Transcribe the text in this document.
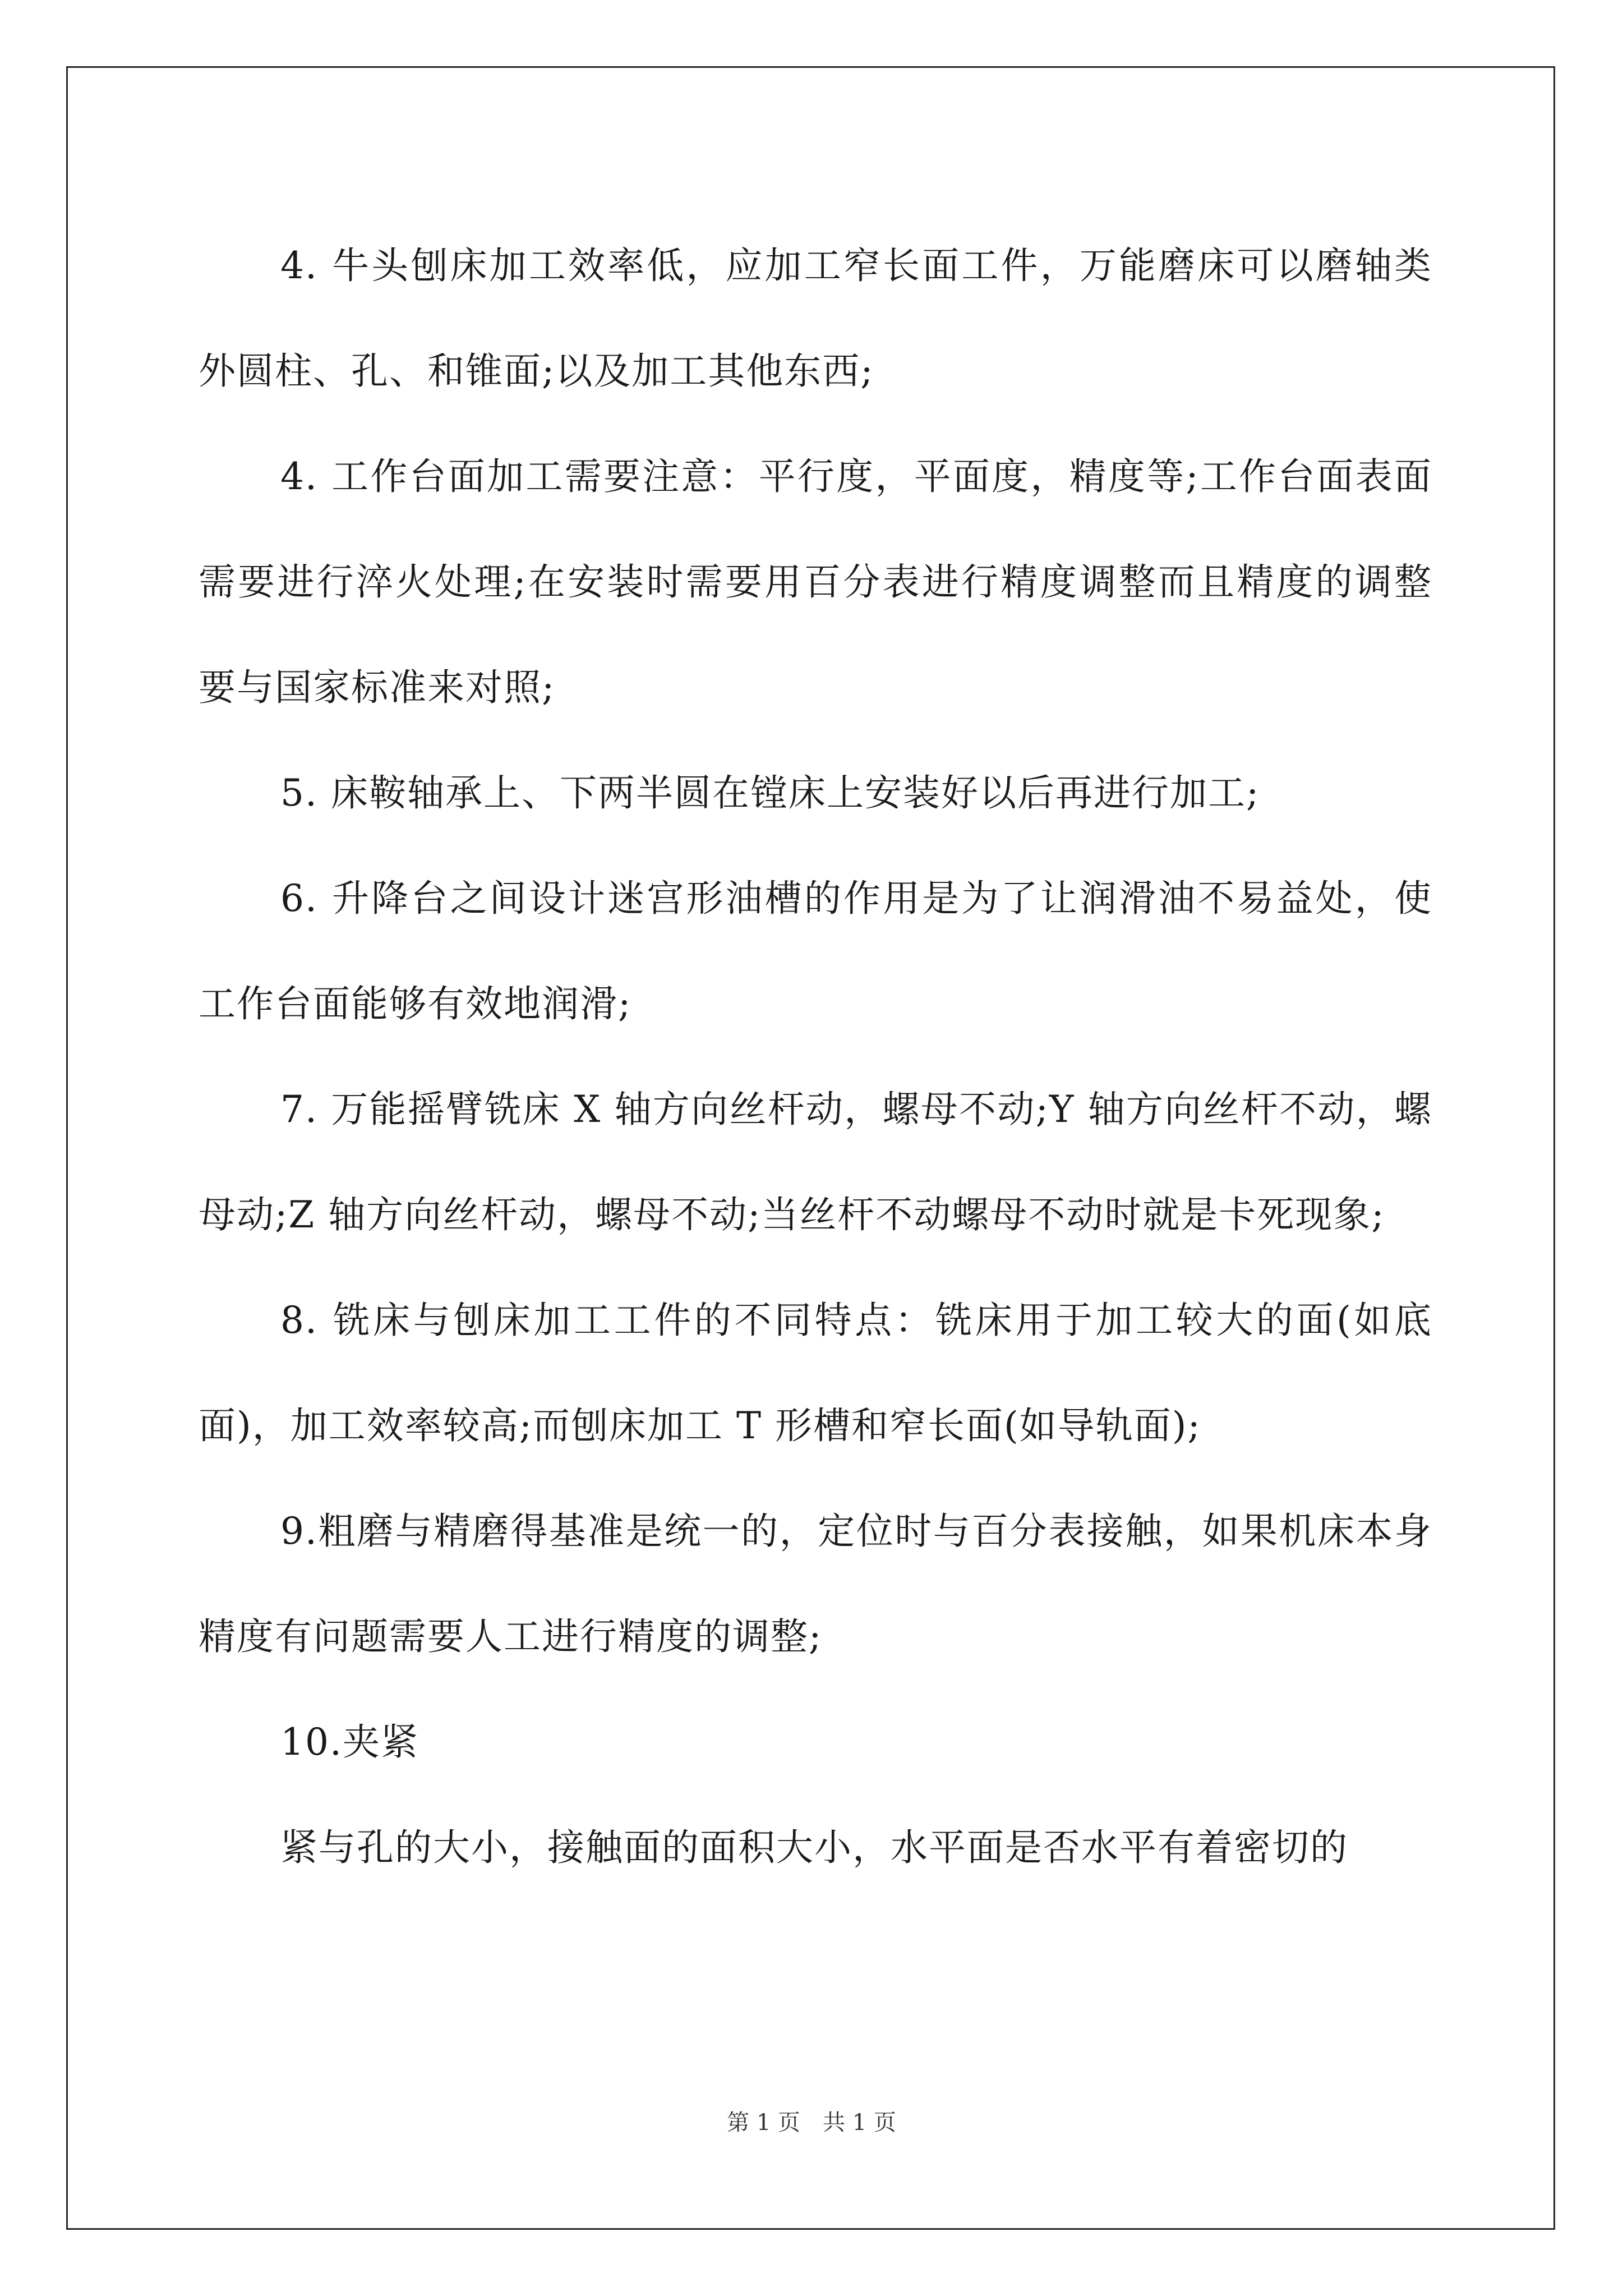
4. 牛头刨床加工效率低，应加工窄长面工件，万能磨床可以磨轴类外圆柱、孔、和锥面;以及加工其他东西;

4. 工作台面加工需要注意：平行度，平面度，精度等;工作台面表面需要进行淬火处理;在安装时需要用百分表进行精度调整而且精度的调整要与国家标准来对照;

5. 床鞍轴承上、下两半圆在镗床上安装好以后再进行加工;

6. 升降台之间设计迷宫形油槽的作用是为了让润滑油不易益处，使工作台面能够有效地润滑;

7. 万能摇臂铣床 X 轴方向丝杆动，螺母不动;Y 轴方向丝杆不动，螺母动;Z 轴方向丝杆动，螺母不动;当丝杆不动螺母不动时就是卡死现象;

8. 铣床与刨床加工工件的不同特点：铣床用于加工较大的面(如底面)，加工效率较高;而刨床加工 T 形槽和窄长面(如导轨面);

9.粗磨与精磨得基准是统一的，定位时与百分表接触，如果机床本身精度有问题需要人工进行精度的调整;

10.夹紧

紧与孔的大小，接触面的面积大小，水平面是否水平有着密切的

第 1 页 共 1 页
